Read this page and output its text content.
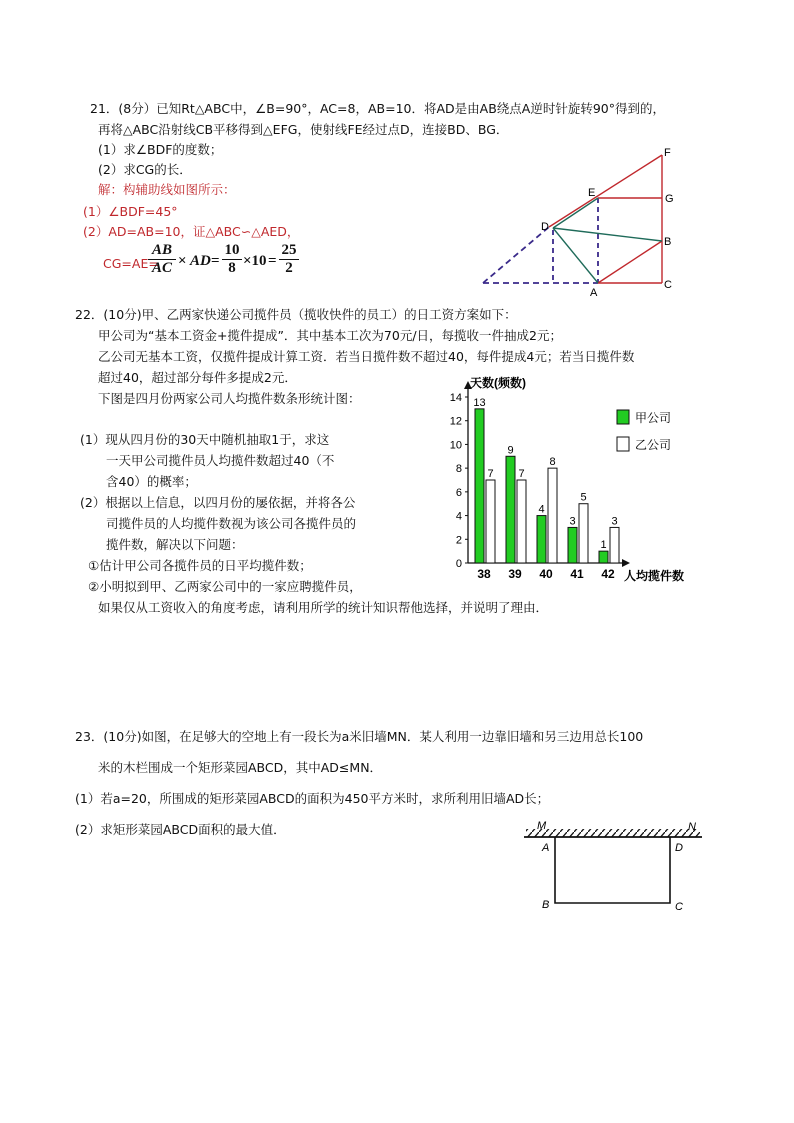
21．(8分）已知Rt△ABC中，∠B=90°，AC=8，AB=10．将AD是由AB绕点A逆时针旋转90°得到的，
再将△ABC沿射线CB平移得到△EFG，使射线FE经过点D，连接BD、BG．
(1）求∠BDF的度数；
(2）求CG的长．
解：构辅助线如图所示：
(1）∠BDF=45°
(2）AD=AB=10，证△ABC∽△AED，
CG=AE=
$\frac{AB}{AC}$ × AD = $\frac{10}{8} \times 10 = \frac{25}{2}$
F
E	G
D
B
C
A
22．(10分)甲、乙两家快递公司揽件员（揽收快件的员工）的日工资方案如下：
甲公司为“基本工资金+揽件提成”．其中基本工次为70元/日，每揽收一件抽成2元；
乙公司无基本工资，仅揽件提成计算工资．若当日揽件数不超过40，每件提成4元；若当日揽件数
超过40，超过部分每件多提成2元．
下图是四月份两家公司人均揽件数条形统计图：
(1）现从四月份的30天中随机抽取1于，求这
一天甲公司揽件员人均揽件数超过40（不
含40）的概率；
(2）根据以上信息，以四月份的屡依据，并将各公
司揽件员的人均揽件数视为该公司各揽件员的
揽件数，解决以下问题：
①估计甲公司各揽件员的日平均揽件数；
②小明拟到甲、乙两家公司中的一家应聘揽件员，
如果仅从工资收入的角度考虑，请利用所学的统计知识帮他选择，并说明了理由．
0
2
4
6
8
10
12
14 13
7
38
9
7
39
4
8
40
3
5
41
1
3
42
甲公司
乙公司
天数(频数)
人均揽件数
23．(10分)如图，在足够大的空地上有一段长为a米旧墙MN．某人利用一边靠旧墙和另三边用总长100
米的木栏围成一个矩形菜园ABCD，其中AD≤MN．
(1）若a=20，所围成的矩形菜园ABCD的面积为450平方米时，求所利用旧墙AD长；
(2）求矩形菜园ABCD面积的最大值．	M	N
A	D
B	C
